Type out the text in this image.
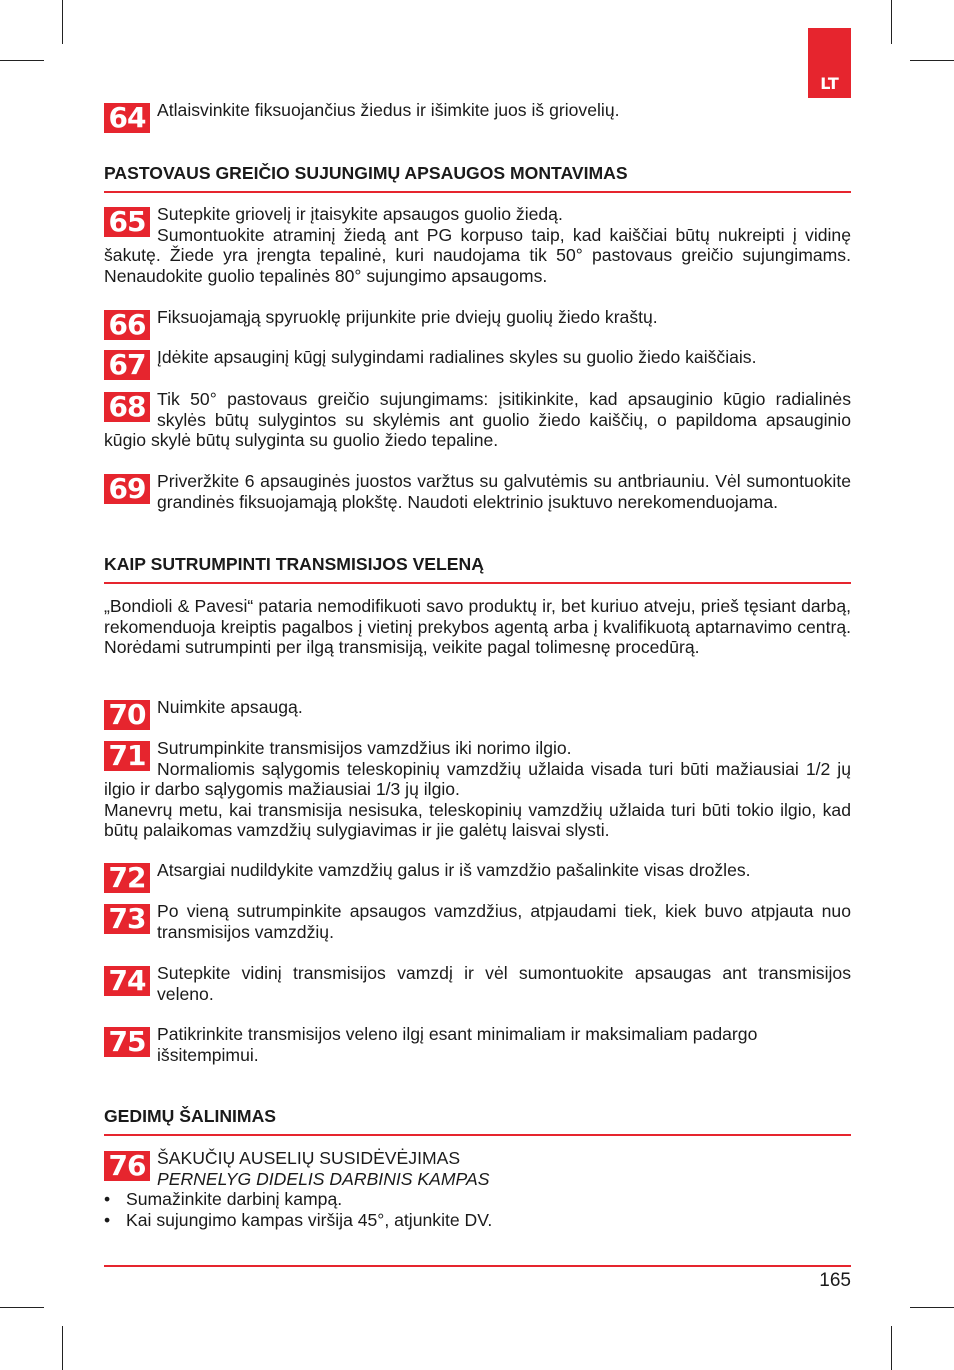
LT
64 Atlaisvinkite fiksuojančius žiedus ir išimkite juos iš griovelių.

PASTOVAUS GREIČIO SUJUNGIMŲ APSAUGOS MONTAVIMAS
65 Sutepkite griovelį ir įtaisykite apsaugos guolio žiedą.

Sumontuokite atraminį žiedą ant PG korpuso taip, kad kaiščiai būtų nukreipti į vidinę šakutę. Žiede yra įrengta tepalinė, kuri naudojama tik 50° pastovaus greičio sujungimams. Nenaudokite guolio tepalinės 80° sujungimo apsaugoms.

66 Fiksuojamąją spyruoklę prijunkite prie dviejų guolių žiedo kraštų.

67 Įdėkite apsauginį kūgį sulygindami radialines skyles su guolio žiedo kaiščiais.

68 Tik 50° pastovaus greičio sujungimams: įsitikinkite, kad apsauginio kūgio radialinės skylės būtų sulygintos su skylėmis ant guolio žiedo kaiščių, o papildoma apsauginio kūgio skylė būtų sulyginta su guolio žiedo tepaline.

69 Priveržkite 6 apsauginės juostos varžtus su galvutėmis su antbriauniu. Vėl sumontuokite grandinės fiksuojamąją plokštę. Naudoti elektrinio įsuktuvo nerekomenduojama.

KAIP SUTRUMPINTI TRANSMISIJOS VELENĄ
„Bondioli & Pavesi“ pataria nemodifikuoti savo produktų ir, bet kuriuo atveju, prieš tęsiant darbą, rekomenduoja kreiptis pagalbos į vietinį prekybos agentą arba į kvalifikuotą aptarnavimo centrą. Norėdami sutrumpinti per ilgą transmisiją, veikite pagal tolimesnę procedūrą.
70 Nuimkite apsaugą.

71 Sutrumpinkite transmisijos vamzdžius iki norimo ilgio.

Normaliomis sąlygomis teleskopinių vamzdžių užlaida visada turi būti mažiausiai 1/2 jų ilgio ir darbo sąlygomis mažiausiai 1/3 jų ilgio.

Manevrų metu, kai transmisija nesisuka, teleskopinių vamzdžių užlaida turi būti tokio ilgio, kad būtų palaikomas vamzdžių sulygiavimas ir jie galėtų laisvai slysti.

72 Atsargiai nudildykite vamzdžių galus ir iš vamzdžio pašalinkite visas drožles.

73 Po vieną sutrumpinkite apsaugos vamzdžius, atpjaudami tiek, kiek buvo atpjauta nuo transmisijos vamzdžių.

74 Sutepkite vidinį transmisijos vamzdį ir vėl sumontuokite apsaugas ant transmisijos veleno.

75 Patikrinkite transmisijos veleno ilgį esant minimaliam ir maksimaliam padargo išsitempimui.

GEDIMŲ ŠALINIMAS
76 ŠAKUČIŲ AUSELIŲ SUSIDĖVĖJIMAS

PERNELYG DIDELIS DARBINIS KAMPAS

• Sumažinkite darbinį kampą.
• Kai sujungimo kampas viršija 45°, atjunkite DV.
165
